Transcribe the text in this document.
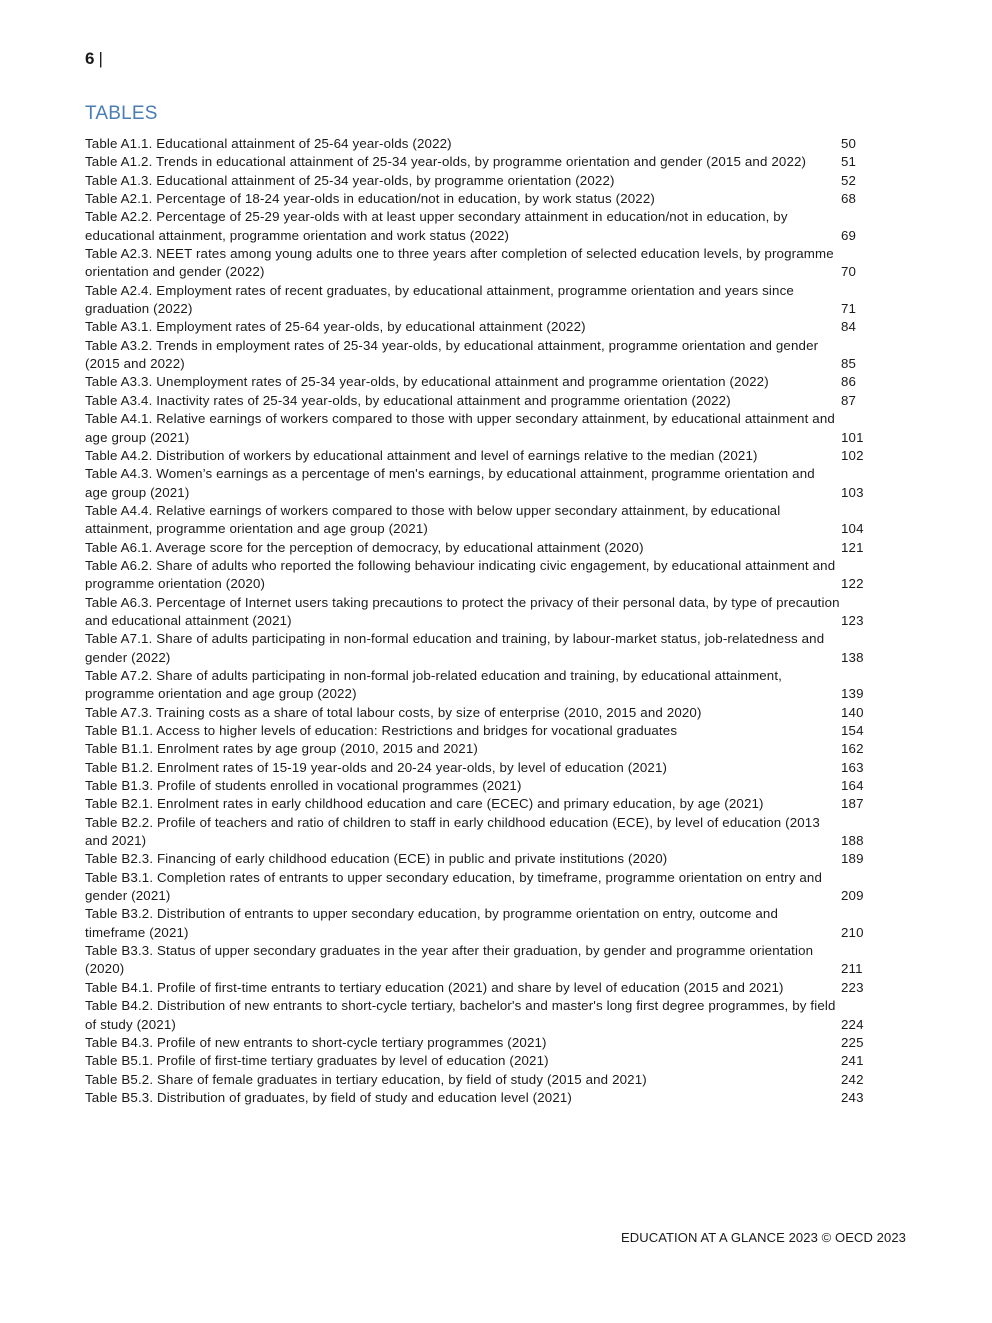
6 |
TABLES
Table A1.1. Educational attainment of 25-64 year-olds (2022)	50
Table A1.2. Trends in educational attainment of 25-34 year-olds, by programme orientation and gender (2015 and 2022)	51
Table A1.3. Educational attainment of 25-34 year-olds, by programme orientation (2022)	52
Table A2.1. Percentage of 18-24 year-olds in education/not in education, by work status (2022)	68
Table A2.2. Percentage of 25-29 year-olds with at least upper secondary attainment in education/not in education, by educational attainment, programme orientation and work status (2022)	69
Table A2.3. NEET rates among young adults one to three years after completion of selected education levels, by programme orientation and gender (2022)	70
Table A2.4. Employment rates of recent graduates, by educational attainment, programme orientation and years since graduation (2022)	71
Table A3.1. Employment rates of 25-64 year-olds, by educational attainment (2022)	84
Table A3.2. Trends in employment rates of 25-34 year-olds, by educational attainment, programme orientation and gender (2015 and 2022)	85
Table A3.3. Unemployment rates of 25-34 year-olds, by educational attainment and programme orientation (2022)	86
Table A3.4. Inactivity rates of 25-34 year-olds, by educational attainment and programme orientation (2022)	87
Table A4.1. Relative earnings of workers compared to those with upper secondary attainment, by educational attainment and age group (2021)	101
Table A4.2. Distribution of workers by educational attainment and level of earnings relative to the median (2021)	102
Table A4.3. Women’s earnings as a percentage of men's earnings, by educational attainment, programme orientation and age group (2021)	103
Table A4.4. Relative earnings of workers compared to those with below upper secondary attainment, by educational attainment, programme orientation and age group (2021)	104
Table A6.1. Average score for the perception of democracy, by educational attainment (2020)	121
Table A6.2. Share of adults who reported the following behaviour indicating civic engagement, by educational attainment and programme orientation (2020)	122
Table A6.3. Percentage of Internet users taking precautions to protect the privacy of their personal data, by type of precaution and educational attainment (2021)	123
Table A7.1. Share of adults participating in non-formal education and training, by labour-market status, job-relatedness and gender (2022)	138
Table A7.2. Share of adults participating in non-formal job-related education and training, by educational attainment, programme orientation and age group (2022)	139
Table A7.3. Training costs as a share of total labour costs, by size of enterprise (2010, 2015 and 2020)	140
Table B1.1. Access to higher levels of education: Restrictions and bridges for vocational graduates	154
Table B1.1. Enrolment rates by age group (2010, 2015 and 2021)	162
Table B1.2. Enrolment rates of 15-19 year-olds and 20-24 year-olds, by level of education (2021)	163
Table B1.3. Profile of students enrolled in vocational programmes (2021)	164
Table B2.1. Enrolment rates in early childhood education and care (ECEC) and primary education, by age (2021)	187
Table B2.2. Profile of teachers and ratio of children to staff in early childhood education (ECE), by level of education (2013 and 2021)	188
Table B2.3. Financing of early childhood education (ECE) in public and private institutions (2020)	189
Table B3.1. Completion rates of entrants to upper secondary education, by timeframe, programme orientation on entry and gender (2021)	209
Table B3.2. Distribution of entrants to upper secondary education, by programme orientation on entry, outcome and timeframe (2021)	210
Table B3.3. Status of upper secondary graduates in the year after their graduation, by gender and programme orientation (2020)	211
Table B4.1. Profile of first-time entrants to tertiary education (2021) and share by level of education (2015 and 2021)	223
Table B4.2. Distribution of new entrants to short-cycle tertiary, bachelor's and master's long first degree programmes, by field of study (2021)	224
Table B4.3. Profile of new entrants to short-cycle tertiary programmes (2021)	225
Table B5.1. Profile of first-time tertiary graduates by level of education (2021)	241
Table B5.2. Share of female graduates in tertiary education, by field of study (2015 and 2021)	242
Table B5.3. Distribution of graduates, by field of study and education level (2021)	243
EDUCATION AT A GLANCE 2023 © OECD 2023
